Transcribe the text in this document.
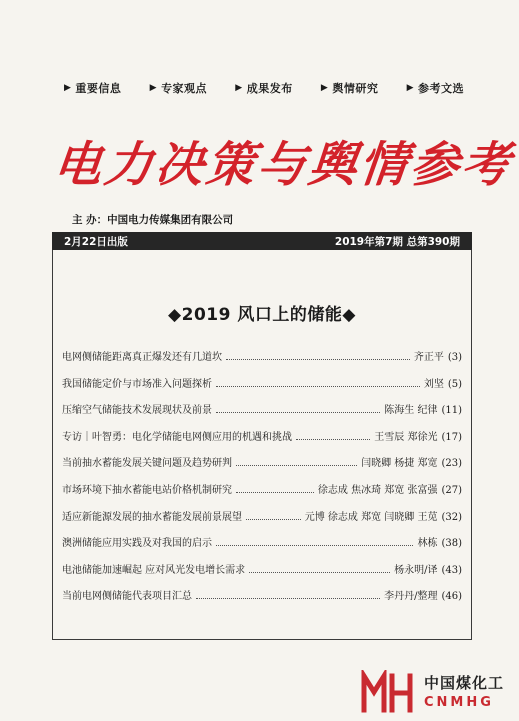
▶ 重要信息	▶ 专家观点	▶ 成果发布	▶ 舆情研究	▶ 参考文选
电力决策与舆情参考
主 办：中国电力传媒集团有限公司
2月22日出版	2019年第7期 总第390期
◆2019 风口上的储能◆
电网侧储能距离真正爆发还有几道坎	齐正平 (3)
我国储能定价与市场准入问题探析	刘坚 (5)
压缩空气储能技术发展现状及前景	陈海生 纪律 (11)
专访｜叶智勇：电化学储能电网侧应用的机遇和挑战	王雪辰 郑徐光 (17)
当前抽水蓄能发展关键问题及趋势研判	闫晓卿 杨捷 郑宽 (23)
市场环境下抽水蓄能电站价格机制研究	徐志成 焦冰琦 郑宽 张富强 (27)
适应新能源发展的抽水蓄能发展前景展望	元博 徐志成 郑宽 闫晓卿 王苋 (32)
澳洲储能应用实践及对我国的启示	林栋 (38)
电池储能加速崛起 应对风光发电增长需求	杨永明/译 (43)
当前电网侧储能代表项目汇总	李丹丹/整理 (46)
中国煤化工
CNMHG
